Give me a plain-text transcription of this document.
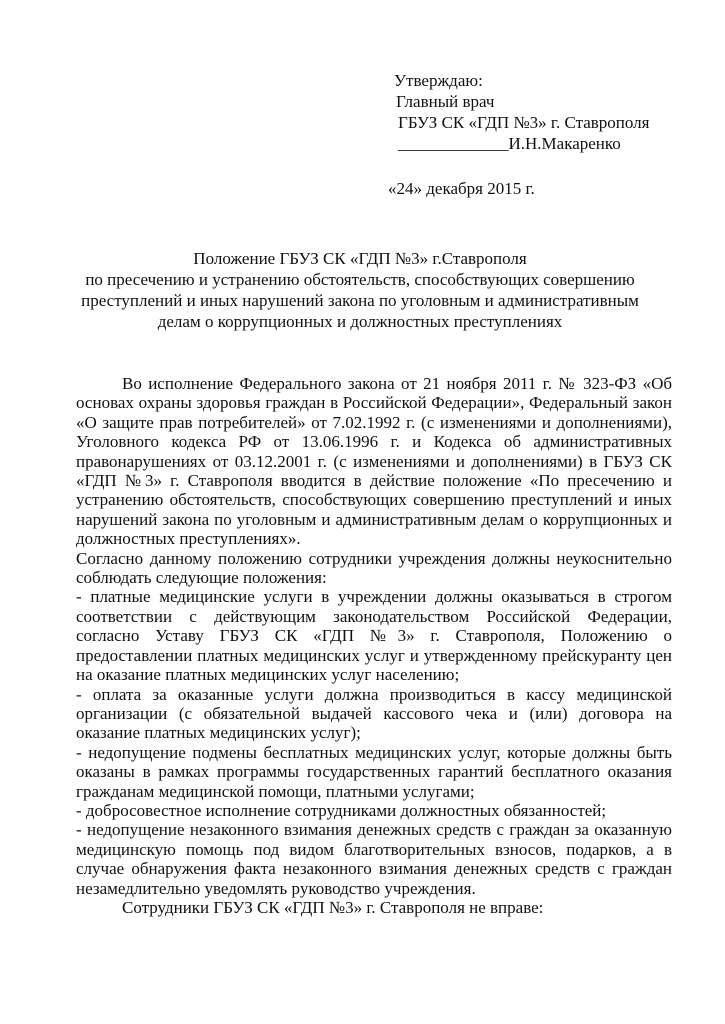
Утверждаю:
Главный врач
ГБУЗ СК «ГДП №3» г. Ставрополя
_____________И.Н.Макаренко
«24» декабря 2015 г.
Положение ГБУЗ СК «ГДП №3» г.Ставрополя
по пресечению и устранению обстоятельств, способствующих совершению
преступлений и иных нарушений закона по уголовным и административным
делам о коррупционных и должностных преступлениях

Во исполнение Федерального закона от 21 ноября 2011 г. № 323-ФЗ «Об основах охраны здоровья граждан в Российской Федерации», Федеральный закон «О защите прав потребителей» от 7.02.1992 г. (с изменениями и дополнениями), Уголовного кодекса РФ от 13.06.1996 г. и Кодекса об административных правонарушениях от 03.12.2001 г. (с изменениями и дополнениями) в ГБУЗ СК «ГДП №3» г. Ставрополя вводится в действие положение «По пресечению и устранению обстоятельств, способствующих совершению преступлений и иных нарушений закона по уголовным и административным делам о коррупционных и должностных преступлениях».

Согласно данному положению сотрудники учреждения должны неукоснительно соблюдать следующие положения:

- платные медицинские услуги в учреждении должны оказываться в строгом соответствии с действующим законодательством Российской Федерации, согласно Уставу ГБУЗ СК «ГДП №3» г. Ставрополя, Положению о предоставлении платных медицинских услуг и утвержденному прейскуранту цен на оказание платных медицинских услуг населению;

- оплата за оказанные услуги должна производиться в кассу медицинской организации (с обязательной выдачей кассового чека и (или) договора на оказание платных медицинских услуг);

- недопущение подмены бесплатных медицинских услуг, которые должны быть оказаны в рамках программы государственных гарантий бесплатного оказания гражданам медицинской помощи, платными услугами;

- добросовестное исполнение сотрудниками должностных обязанностей;

- недопущение незаконного взимания денежных средств с граждан за оказанную медицинскую помощь под видом благотворительных взносов, подарков, а в случае обнаружения факта незаконного взимания денежных средств с граждан незамедлительно уведомлять руководство учреждения.

Сотрудники ГБУЗ СК «ГДП №3» г. Ставрополя не вправе:
